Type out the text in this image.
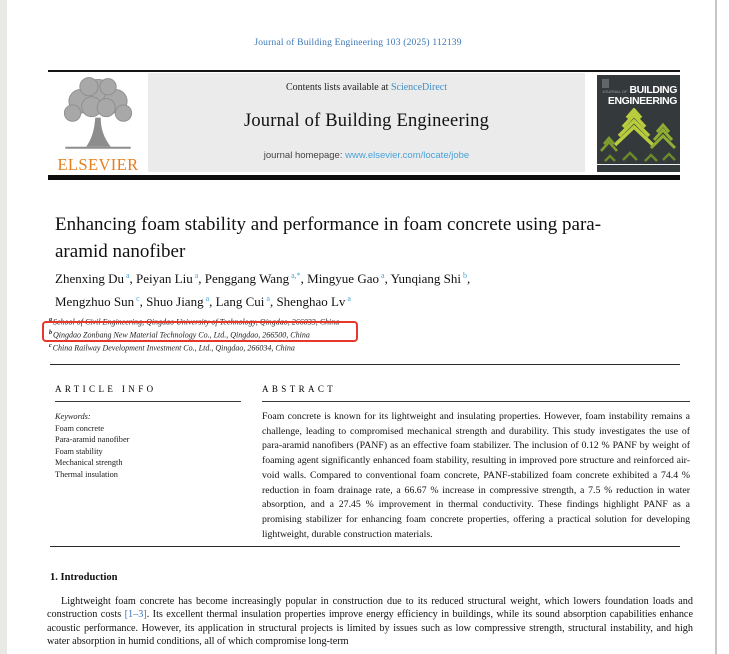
Journal of Building Engineering 103 (2025) 112139
ELSEVIER
Contents lists available at ScienceDirect
Journal of Building Engineering
journal homepage: www.elsevier.com/locate/jobe
JOURNAL OF BUILDING
ENGINEERING
Enhancing foam stability and performance in foam concrete using para-aramid nanofiber
Zhenxing Du $^a$, Peiyan Liu $^a$, Penggang Wang $^{a,*}$, Mingyue Gao $^a$, Yunqiang Shi $^b$,
Mengzhuo Sun $^c$, Shuo Jiang $^a$, Lang Cui $^a$, Shenghao Lv $^a$
$^a$School of Civil Engineering, Qingdao University of Technology, Qingdao, 266033, China
$^b$Qingdao Zonbang New Material Technology Co., Ltd., Qingdao, 266500, China
$^c$China Railway Development Investment Co., Ltd., Qingdao, 266034, China
ARTICLE INFO
Keywords:
Foam concrete
Para-aramid nanofiber
Foam stability
Mechanical strength
Thermal insulation
ABSTRACT
Foam concrete is known for its lightweight and insulating properties. However, foam instability remains a challenge, leading to compromised mechanical strength and durability. This study investigates the use of para-aramid nanofibers (PANF) as an effective foam stabilizer. The inclusion of 0.12 % PANF by weight of foaming agent significantly enhanced foam stability, resulting in improved pore structure and reinforced air-void walls. Compared to conventional foam concrete, PANF-stabilized foam concrete exhibited a 74.4 % reduction in foam drainage rate, a 66.67 % increase in compressive strength, a 7.5 % reduction in water absorption, and a 27.45 % improvement in thermal conductivity. These findings highlight PANF as a promising stabilizer for enhancing foam concrete properties, offering a practical solution for developing lightweight, durable construction materials.
1. Introduction
Lightweight foam concrete has become increasingly popular in construction due to its reduced structural weight, which lowers foundation loads and construction costs [1–3]. Its excellent thermal insulation properties improve energy efficiency in buildings, while its sound absorption capabilities enhance acoustic performance. However, its application in structural projects is limited by issues such as low compressive strength, structural instability, and high water absorption in humid conditions, all of which compromise long-term
